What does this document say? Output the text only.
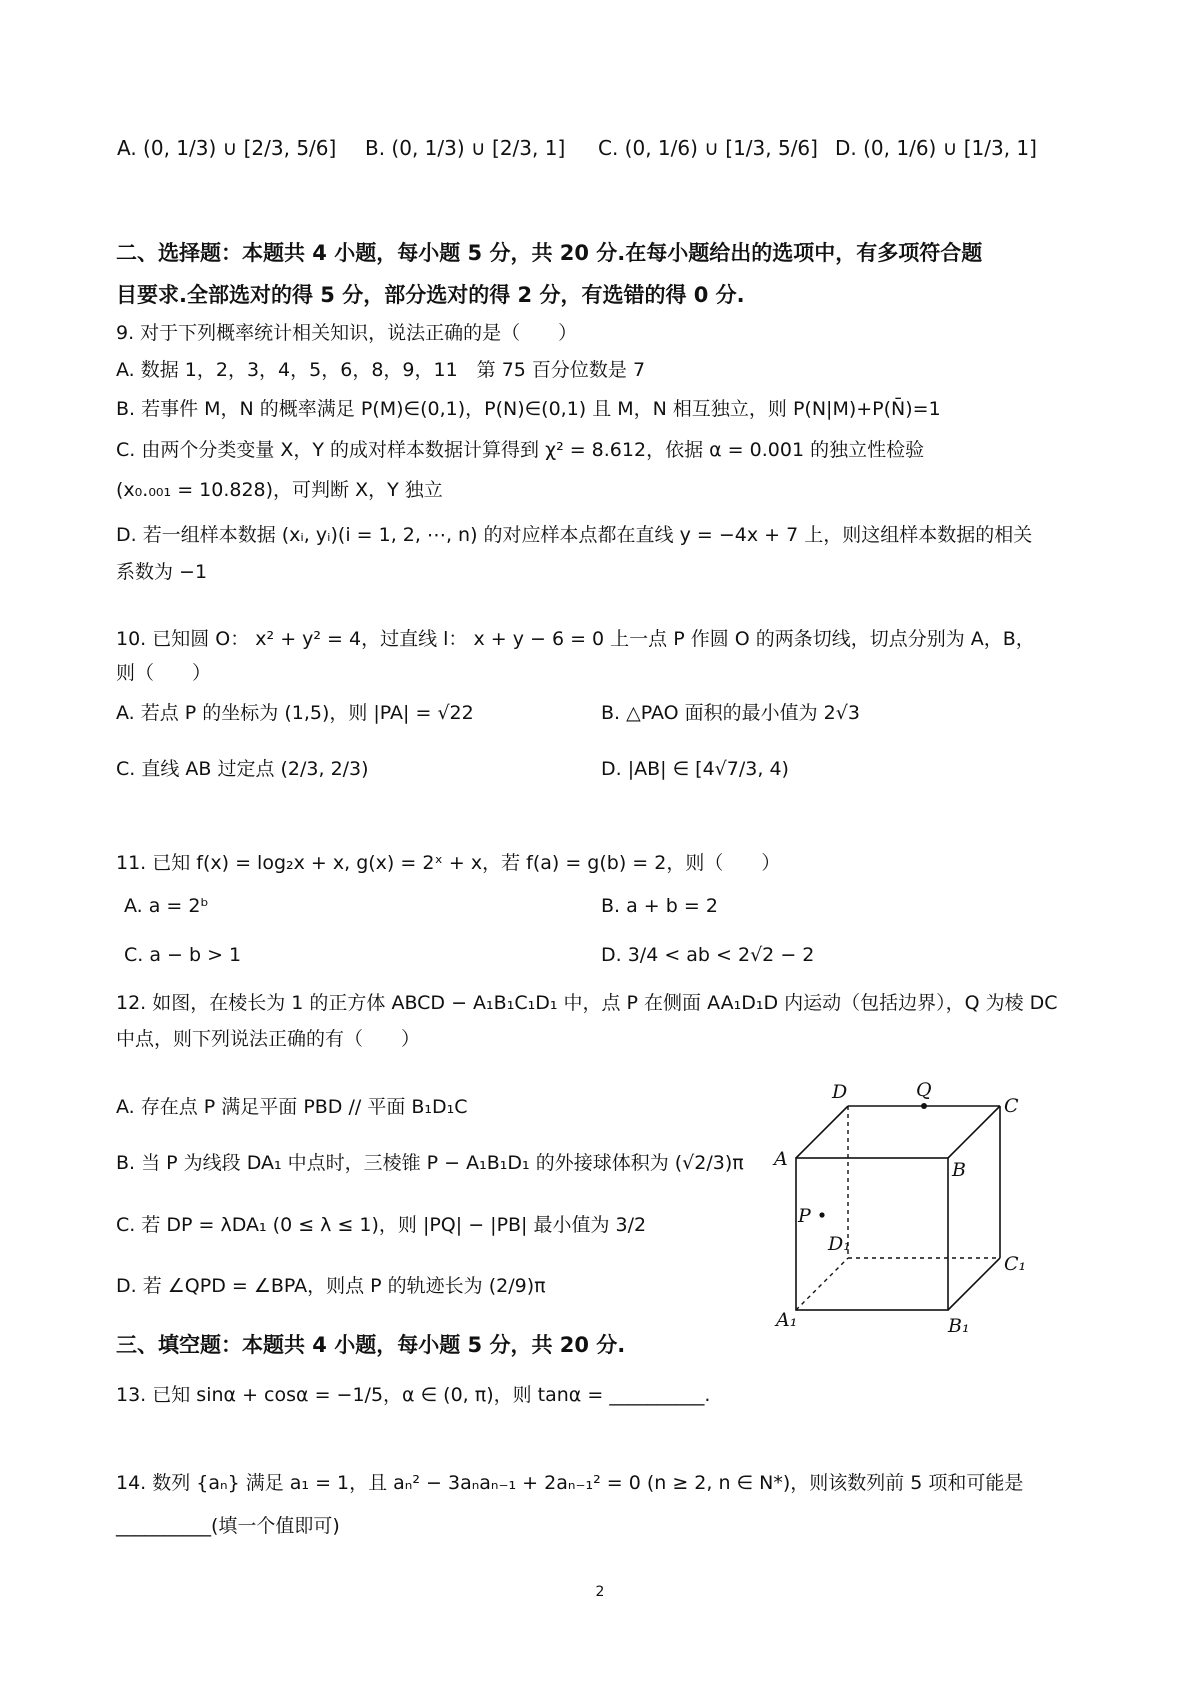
A. (0, 1/3) ∪ [2/3, 5/6] B. (0, 1/3) ∪ [2/3, 1] C. (0, 1/6) ∪ [1/3, 5/6] D. (0, 1/6) ∪ [1/3, 1]
二、选择题：本题共 4 小题，每小题 5 分，共 20 分.在每小题给出的选项中，有多项符合题
目要求.全部选对的得 5 分，部分选对的得 2 分，有选错的得 0 分.
9. 对于下列概率统计相关知识，说法正确的是（　　）
A. 数据 1，2，3，4，5，6，8，9，11　第 75 百分位数是 7
B. 若事件 M，N 的概率满足 P(M)∈(0,1)，P(N)∈(0,1) 且 M，N 相互独立，则 P(N|M)+P(N̄)=1
C. 由两个分类变量 X，Y 的成对样本数据计算得到 χ² = 8.612，依据 α = 0.001 的独立性检验
(x₀.₀₀₁ = 10.828)，可判断 X，Y 独立
D. 若一组样本数据 (xᵢ, yᵢ)(i = 1, 2, ⋯, n) 的对应样本点都在直线 y = −4x + 7 上，则这组样本数据的相关
系数为 −1
10. 已知圆 O： x² + y² = 4，过直线 l： x + y − 6 = 0 上一点 P 作圆 O 的两条切线，切点分别为 A，B，
则（　　）
A. 若点 P 的坐标为 (1,5)，则 |PA| = √22	B. △PAO 面积的最小值为 2√3
C. 直线 AB 过定点 (2/3, 2/3)	D. |AB| ∈ [4√7/3, 4)
11. 已知 f(x) = log₂x + x, g(x) = 2ˣ + x，若 f(a) = g(b) = 2，则（　　）
A. a = 2ᵇ	B. a + b = 2
C. a − b > 1	D. 3/4 < ab < 2√2 − 2
12. 如图，在棱长为 1 的正方体 ABCD − A₁B₁C₁D₁ 中，点 P 在侧面 AA₁D₁D 内运动（包括边界），Q 为棱 DC
中点，则下列说法正确的有（　　）
A. 存在点 P 满足平面 PBD // 平面 B₁D₁C
B. 当 P 为线段 DA₁ 中点时，三棱锥 P − A₁B₁D₁ 的外接球体积为 (√2/3)π
C. 若 DP = λDA₁ (0 ≤ λ ≤ 1)，则 |PQ| − |PB| 最小值为 3/2
D. 若 ∠QPD = ∠BPA，则点 P 的轨迹长为 (2/9)π
D	Q
C
A	B
P
D₁
C₁
A₁	B₁
三、填空题：本题共 4 小题，每小题 5 分，共 20 分.
13. 已知 sinα + cosα = −1/5，α ∈ (0, π)，则 tanα = __________.
14. 数列 {aₙ} 满足 a₁ = 1，且 aₙ² − 3aₙaₙ₋₁ + 2aₙ₋₁² = 0 (n ≥ 2, n ∈ N*)，则该数列前 5 项和可能是
__________(填一个值即可)
2
